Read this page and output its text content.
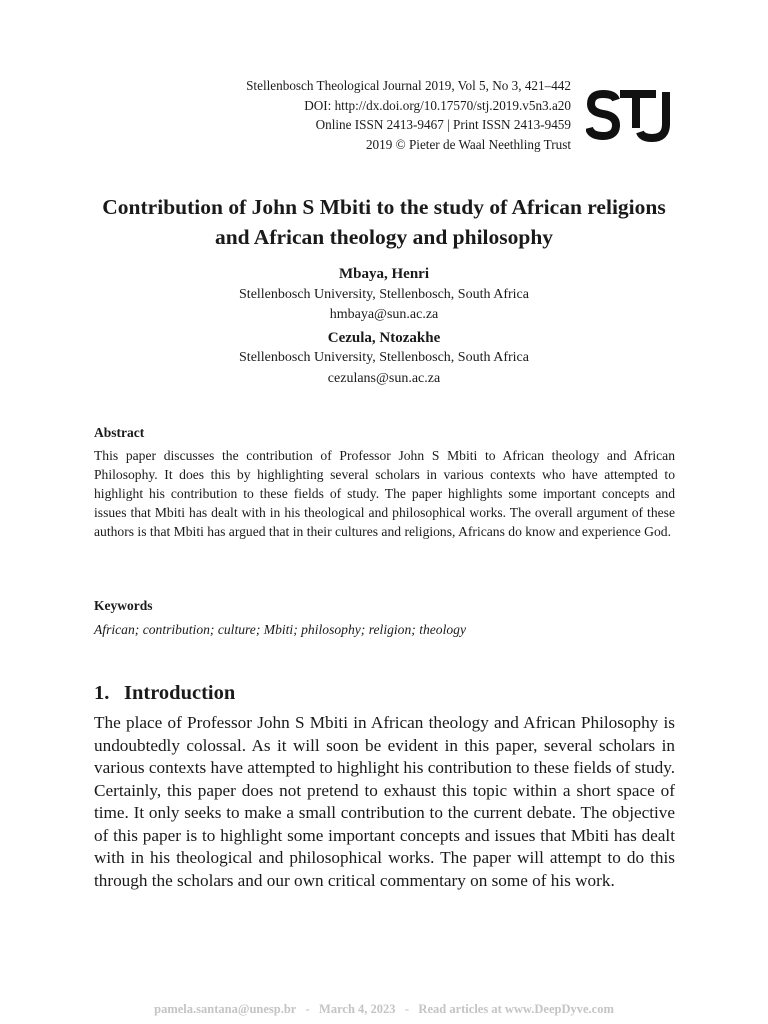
Stellenbosch Theological Journal 2019, Vol 5, No 3, 421–442
DOI: http://dx.doi.org/10.17570/stj.2019.v5n3.a20
Online ISSN 2413-9467 | Print ISSN 2413-9459
2019 © Pieter de Waal Neethling Trust
Contribution of John S Mbiti to the study of African religions and African theology and philosophy
Mbaya, Henri
Stellenbosch University, Stellenbosch, South Africa
hmbaya@sun.ac.za
Cezula, Ntozakhe
Stellenbosch University, Stellenbosch, South Africa
cezulans@sun.ac.za
Abstract

This paper discusses the contribution of Professor John S Mbiti to African theology and African Philosophy. It does this by highlighting several scholars in various contexts who have attempted to highlight his contribution to these fields of study. The paper highlights some important concepts and issues that Mbiti has dealt with in his theological and philosophical works. The overall argument of these authors is that Mbiti has argued that in their cultures and religions, Africans do know and experience God.

Keywords
African; contribution; culture; Mbiti; philosophy; religion; theology
1. Introduction

The place of Professor John S Mbiti in African theology and African Philosophy is undoubtedly colossal. As it will soon be evident in this paper, several scholars in various contexts have attempted to highlight his contribution to these fields of study. Certainly, this paper does not pretend to exhaust this topic within a short space of time. It only seeks to make a small contribution to the current debate. The objective of this paper is to highlight some important concepts and issues that Mbiti has dealt with in his theological and philosophical works. The paper will attempt to do this through the scholars and our own critical commentary on some of his work.

pamela.santana@unesp.br   -   March 4, 2023   -   Read articles at www.DeepDyve.com
